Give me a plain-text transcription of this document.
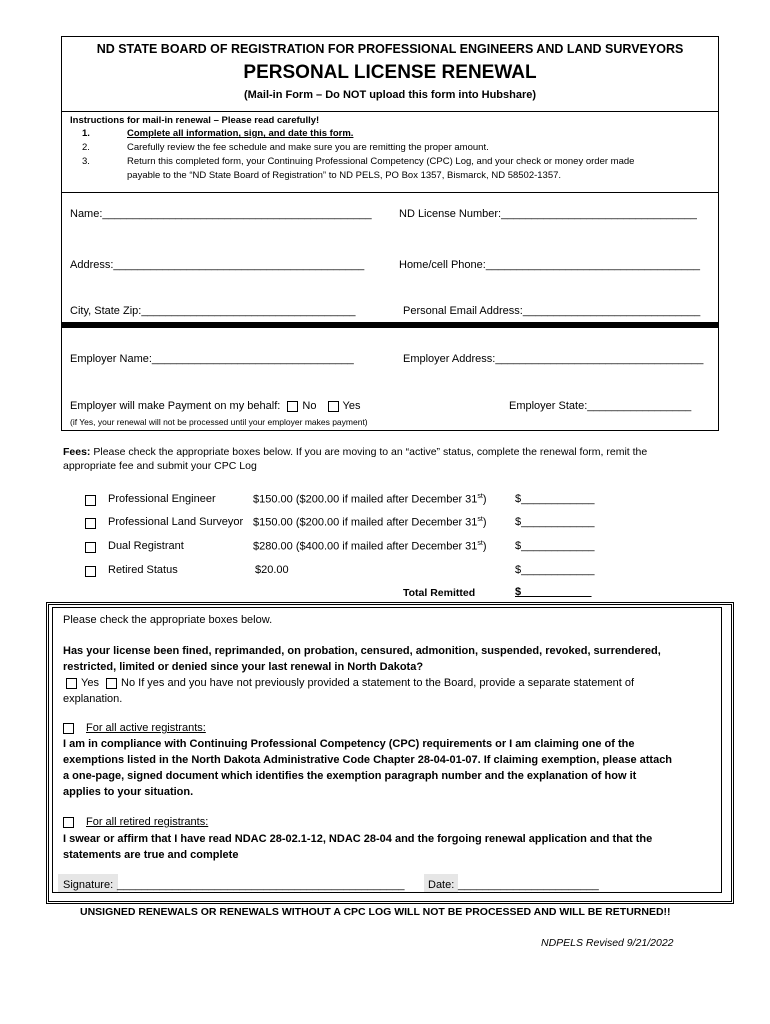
ND STATE BOARD OF REGISTRATION FOR PROFESSIONAL ENGINEERS AND LAND SURVEYORS
PERSONAL LICENSE RENEWAL
(Mail-in Form – Do NOT upload this form into Hubshare)
Instructions for mail-in renewal – Please read carefully!
1.	Complete all information, sign, and date this form.
2.	Carefully review the fee schedule and make sure you are remitting the proper amount.
3.	Return this completed form, your Continuing Professional Competency (CPC) Log, and your check or money order made
payable to the “ND State Board of Registration” to ND PELS, PO Box 1357, Bismarck, ND 58502-1357.
Name:____________________________________________ ND License Number:________________________________
Address:_________________________________________	Home/cell Phone:___________________________________
City, State Zip:___________________________________	Personal Email Address:_____________________________
Employer Name:_________________________________	Employer Address:__________________________________
Employer will make Payment on my behalf: No Yes	Employer State:_________________
(if Yes, your renewal will not be processed until your employer makes payment)
Fees: Please check the appropriate boxes below. If you are moving to an “active” status, complete the renewal form, remit the
appropriate fee and submit your CPC Log
Professional Engineer	$150.00 ($200.00 if mailed after December 31st)	$____________
Professional Land Surveyor $150.00 ($200.00 if mailed after December 31st)	$____________
Dual Registrant	$280.00 ($400.00 if mailed after December 31st)	$____________
Retired Status	$20.00	$____________
Total Remitted	$ ___________
Please check the appropriate boxes below.
Has your license been fined, reprimanded, on probation, censured, admonition, suspended, revoked, surrendered,
restricted, limited or denied since your last renewal in North Dakota?
Yes No If yes and you have not previously provided a statement to the Board, provide a separate statement of
explanation.
For all active registrants:
I am in compliance with Continuing Professional Competency (CPC) requirements or I am claiming one of the
exemptions listed in the North Dakota Administrative Code Chapter 28-04-01-07. If claiming exemption, please attach
a one-page, signed document which identifies the exemption paragraph number and the explanation of how it
applies to your situation.
For all retired registrants:
I swear or affirm that I have read NDAC 28-02.1-12, NDAC 28-04 and the forgoing renewal application and that the
statements are true and complete
Signature: _______________________________________________ Date: _______________________
UNSIGNED RENEWALS OR RENEWALS WITHOUT A CPC LOG WILL NOT BE PROCESSED AND WILL BE RETURNED!!
NDPELS Revised 9/21/2022
